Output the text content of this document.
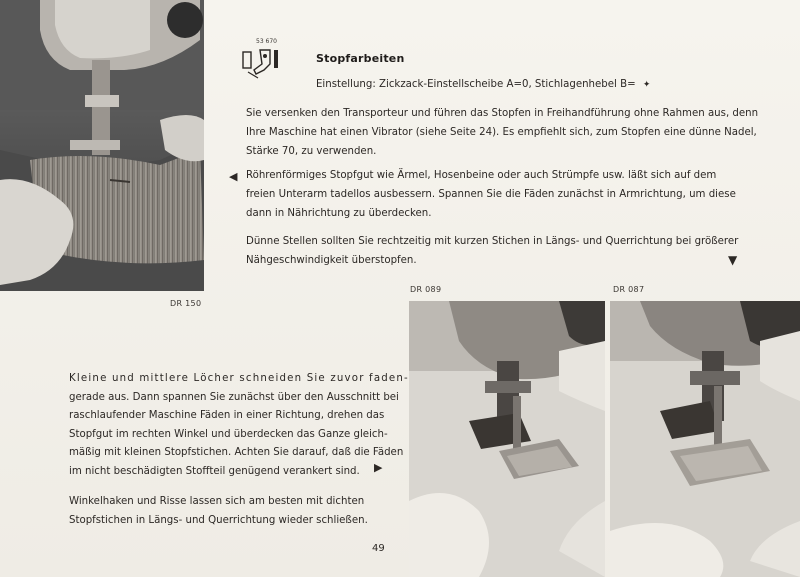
DR 150
53 670
Stopfarbeiten
Einstellung: Zickzack-Einstellscheibe A=0, Stichlagenhebel B= ✦
Sie versenken den Transporteur und führen das Stopfen in Freihandführung ohne Rahmen aus, denn
Ihre Maschine hat einen Vibrator (siehe Seite 24). Es empfiehlt sich, zum Stopfen eine dünne Nadel,
Stärke 70, zu verwenden.
◀ Röhrenförmiges Stopfgut wie Ärmel, Hosenbeine oder auch Strümpfe usw. läßt sich auf dem
freien Unterarm tadellos ausbessern. Spannen Sie die Fäden zunächst in Armrichtung, um diese
dann in Nährichtung zu überdecken.
Dünne Stellen sollten Sie rechtzeitig mit kurzen Stichen in Längs- und Querrichtung bei größerer
Nähgeschwindigkeit überstopfen.	▼
DR 089	DR 087
Kleine und mittlere Löcher schneiden Sie zuvor faden-
gerade aus. Dann spannen Sie zunächst über den Ausschnitt bei
raschlaufender Maschine Fäden in einer Richtung, drehen das
Stopfgut im rechten Winkel und überdecken das Ganze gleich-
mäßig mit kleinen Stopfstichen. Achten Sie darauf, daß die Fäden
im nicht beschädigten Stoffteil genügend verankert sind.	▶
Winkelhaken und Risse lassen sich am besten mit dichten
Stopfstichen in Längs- und Querrichtung wieder schließen.
49
